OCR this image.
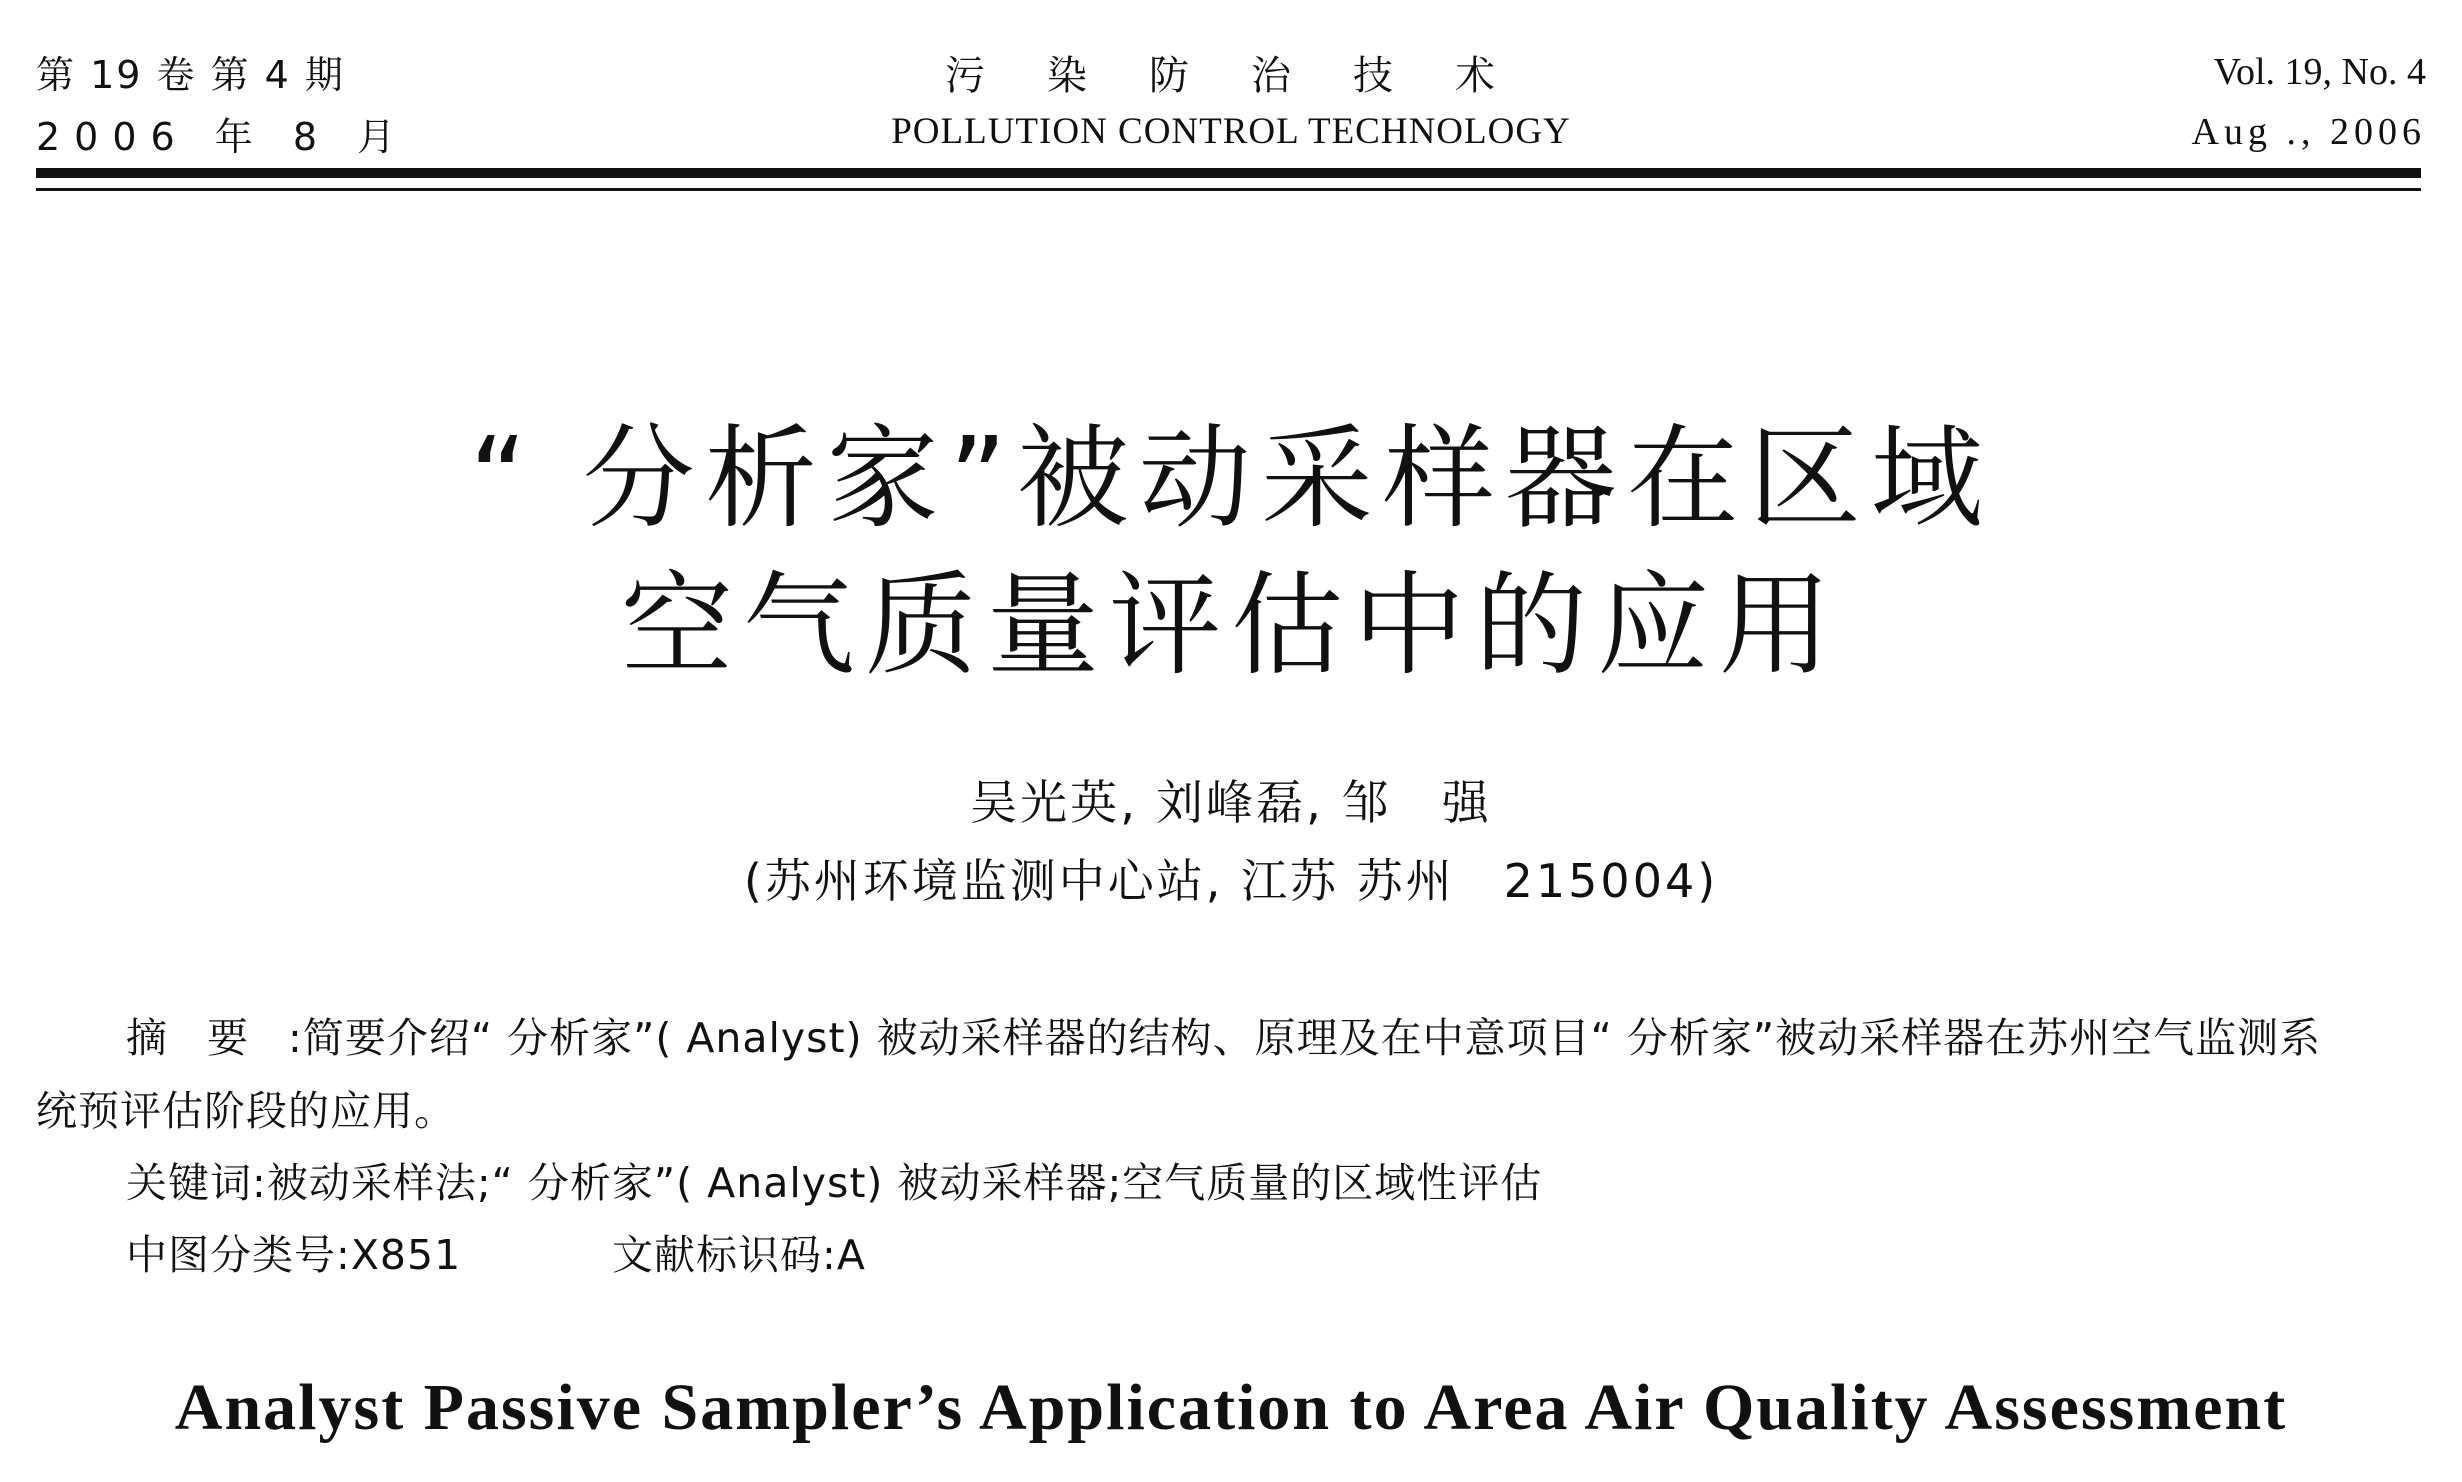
第 19 卷 第 4 期
2006 年 8 月
污染防治技术
POLLUTION CONTROL TECHNOLOGY
Vol. 19, No. 4
Aug ., 2006
“ 分析家”被动采样器在区域
空气质量评估中的应用
吴光英, 刘峰磊, 邹　强
(苏州环境监测中心站, 江苏 苏州　215004)
摘要:简要介绍“ 分析家”( Analyst) 被动采样器的结构、原理及在中意项目“ 分析家”被动采样器在苏州空气监测系
统预评估阶段的应用。
关键词:被动采样法;“ 分析家”( Analyst) 被动采样器;空气质量的区域性评估
中图分类号:X851	文献标识码:A
Analyst Passive Sampler’s Application to Area Air Quality Assessment
